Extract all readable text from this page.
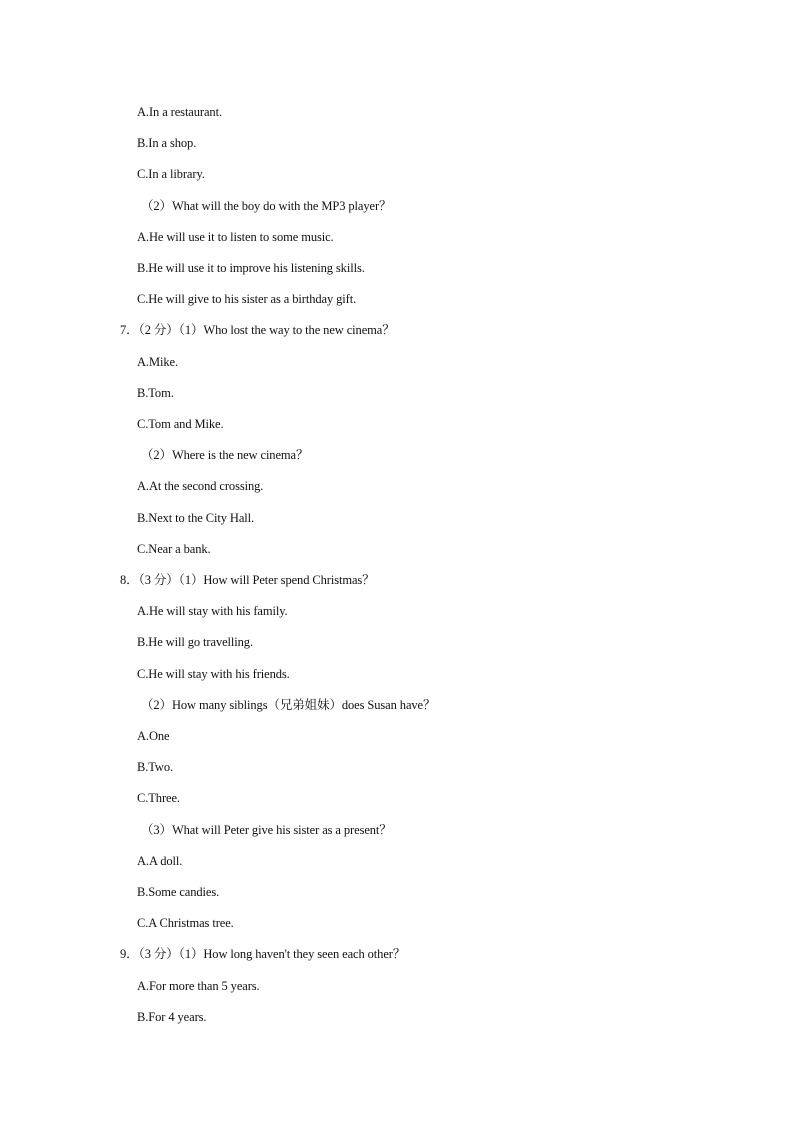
A.In a restaurant.
B.In a shop.
C.In a library.
（2）What will the boy do with the MP3 player？
A.He will use it to listen to some music.
B.He will use it to improve his listening skills.
C.He will give to his sister as a birthday gift.
7．（2 分）（1）Who lost the way to the new cinema？
A.Mike.
B.Tom.
C.Tom and Mike.
（2）Where is the new cinema？
A.At the second crossing.
B.Next to the City Hall.
C.Near a bank.
8．（3 分）（1）How will Peter spend Christmas？
A.He will stay with his family.
B.He will go travelling.
C.He will stay with his friends.
（2）How many siblings（兄弟姐妹）does Susan have？
A.One
B.Two.
C.Three.
（3）What will Peter give his sister as a present？
A.A doll.
B.Some candies.
C.A Christmas tree.
9．（3 分）（1）How long haven't they seen each other？
A.For more than 5 years.
B.For 4 years.
